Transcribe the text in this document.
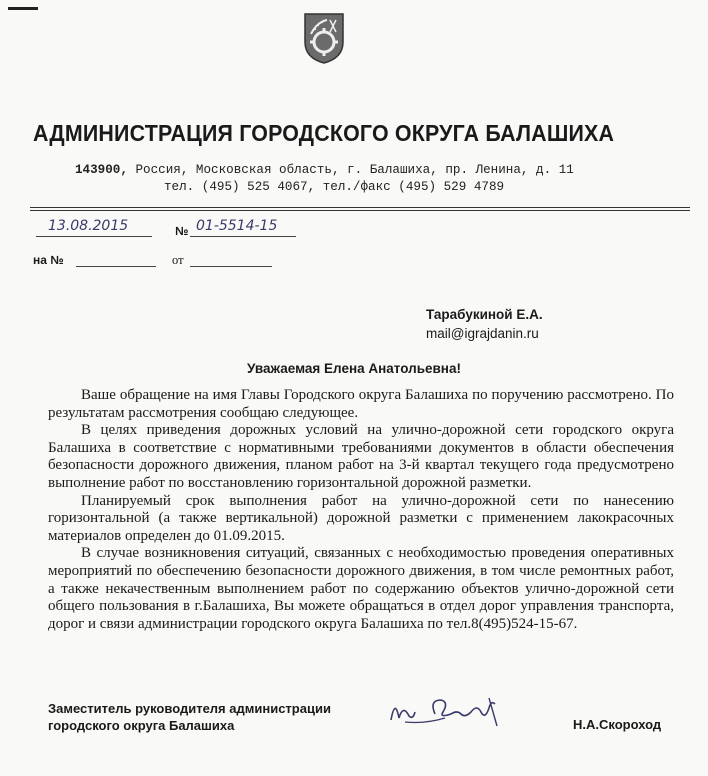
АДМИНИСТРАЦИЯ ГОРОДСКОГО ОКРУГА БАЛАШИХА
143900, Россия, Московская область, г. Балашиха, пр. Ленина, д. 11
тел. (495) 525 4067, тел./факс (495) 529 4789
13.08.2015	№ 01-5514-15
на №	от
Тарабукиной Е.А.
mail@igrajdanin.ru
Уважаемая Елена Анатольевна!

Ваше обращение на имя Главы Городского округа Балашиха по поручению рассмотрено. По результатам рассмотрения сообщаю следующее.

В целях приведения дорожных условий на улично-дорожной сети городского округа Балашиха в соответствие с нормативными требованиями документов в области обеспечения безопасности дорожного движения, планом работ на 3-й квартал текущего года предусмотрено выполнение работ по восстановлению горизонтальной дорожной разметки.

Планируемый срок выполнения работ на улично-дорожной сети по нанесению горизонтальной (а также вертикальной) дорожной разметки с применением лакокрасочных материалов определен до 01.09.2015.

В случае возникновения ситуаций, связанных с необходимостью проведения оперативных мероприятий по обеспечению безопасности дорожного движения, в том числе ремонтных работ, а также некачественным выполнением работ по содержанию объектов улично-дорожной сети общего пользования в г.Балашиха, Вы можете обращаться в отдел дорог управления транспорта, дорог и связи администрации городского округа Балашиха по тел.8(495)524-15-67.

Заместитель руководителя администрации
городского округа Балашиха	Н.А.Скороход
